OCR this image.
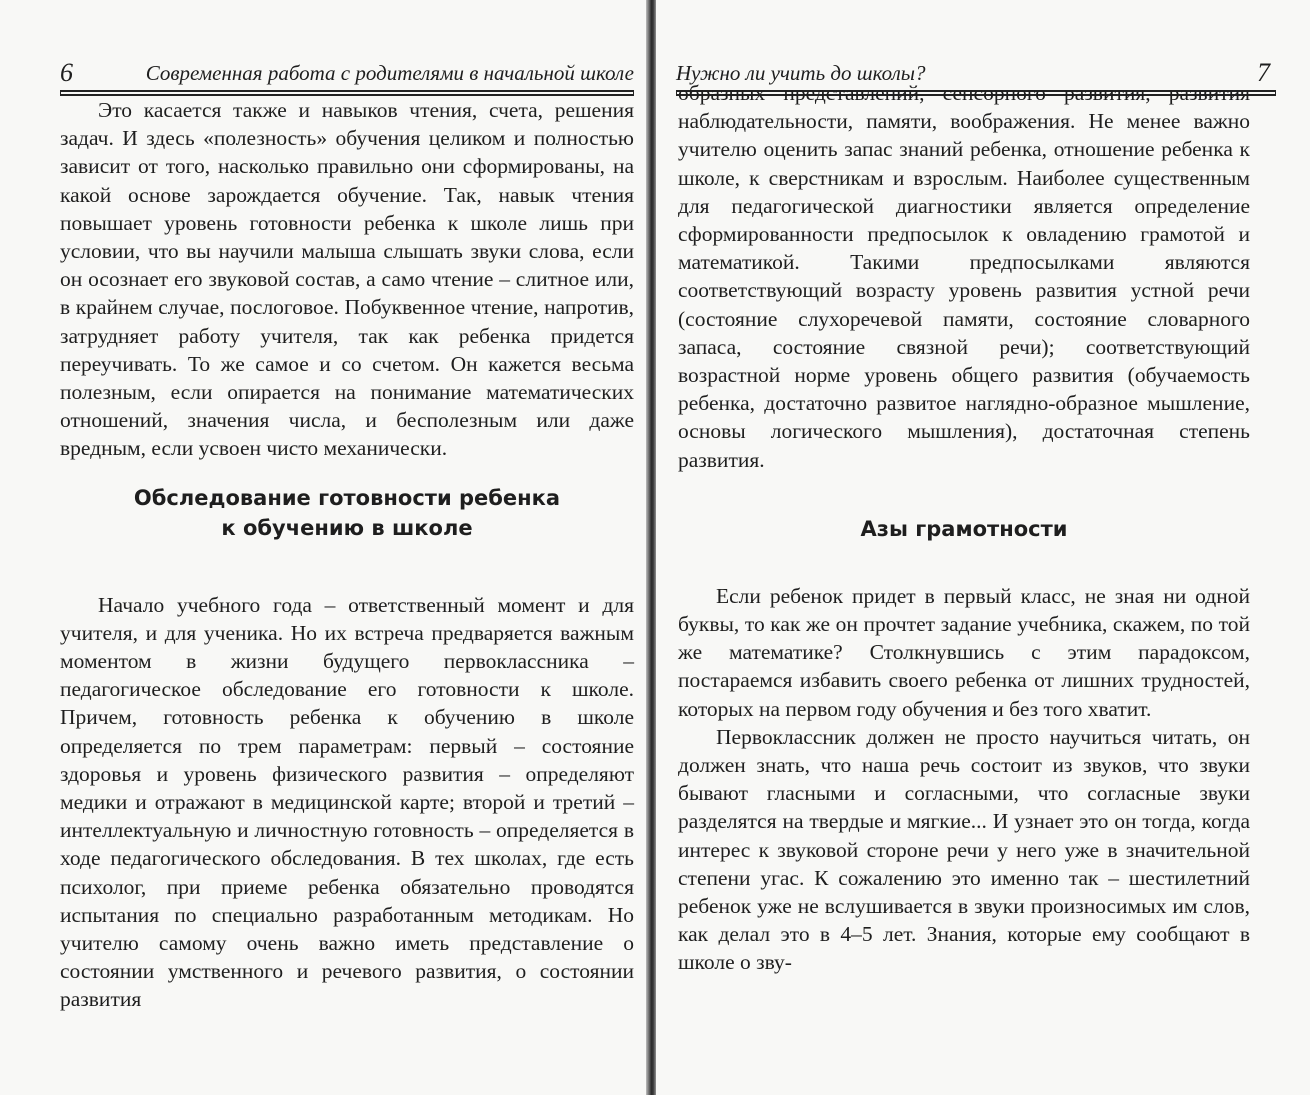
6	Современная работа с родителями в начальной школе

Это касается также и навыков чтения, счета, решения задач. И здесь «полезность» обучения целиком и полностью зависит от того, насколько правильно они сформированы, на какой основе зарождается обучение. Так, навык чтения повышает уровень готовности ребенка к школе лишь при условии, что вы научили малыша слышать звуки слова, если он осознает его звуковой состав, а само чтение – слитное или, в крайнем случае, послоговое. Побуквенное чтение, напротив, затрудняет работу учителя, так как ребенка придется переучивать. То же самое и со счетом. Он кажется весьма полезным, если опирается на понимание математических отношений, значения числа, и бесполезным или даже вредным, если усвоен чисто механически.

Обследование готовности ребенка
к обучению в школе

Начало учебного года – ответственный момент и для учителя, и для ученика. Но их встреча предваряется важным моментом в жизни будущего первоклассника – педагогическое обследование его готовности к школе. Причем, готовность ребенка к обучению в школе определяется по трем параметрам: первый – состояние здоровья и уровень физического развития – определяют медики и отражают в медицинской карте; второй и третий – интеллектуальную и личностную готовность – определяется в ходе педагогического обследования. В тех школах, где есть психолог, при приеме ребенка обязательно проводятся испытания по специально разработанным методикам. Но учителю самому очень важно иметь представление о состоянии умственного и речевого развития, о состоянии развития

Нужно ли учить до школы?	7

образных представлений, сенсорного развития, развития наблюдательности, памяти, воображения. Не менее важно учителю оценить запас знаний ребенка, отношение ребенка к школе, к сверстникам и взрослым. Наиболее существенным для педагогической диагностики является определение сформированности предпосылок к овладению грамотой и математикой. Такими предпосылками являются соответствующий возрасту уровень развития устной речи (состояние слухоречевой памяти, состояние словарного запаса, состояние связной речи); соответствующий возрастной норме уровень общего развития (обучаемость ребенка, достаточно развитое наглядно-образное мышление, основы логического мышления), достаточная степень развития.

Азы грамотности

Если ребенок придет в первый класс, не зная ни одной буквы, то как же он прочтет задание учебника, скажем, по той же математике? Столкнувшись с этим парадоксом, постараемся избавить своего ребенка от лишних трудностей, которых на первом году обучения и без того хватит.

Первоклассник должен не просто научиться читать, он должен знать, что наша речь состоит из звуков, что звуки бывают гласными и согласными, что согласные звуки разделятся на твердые и мягкие... И узнает это он тогда, когда интерес к звуковой стороне речи у него уже в значительной степени угас. К сожалению это именно так – шестилетний ребенок уже не вслушивается в звуки произносимых им слов, как делал это в 4–5 лет. Знания, которые ему сообщают в школе о зву-
